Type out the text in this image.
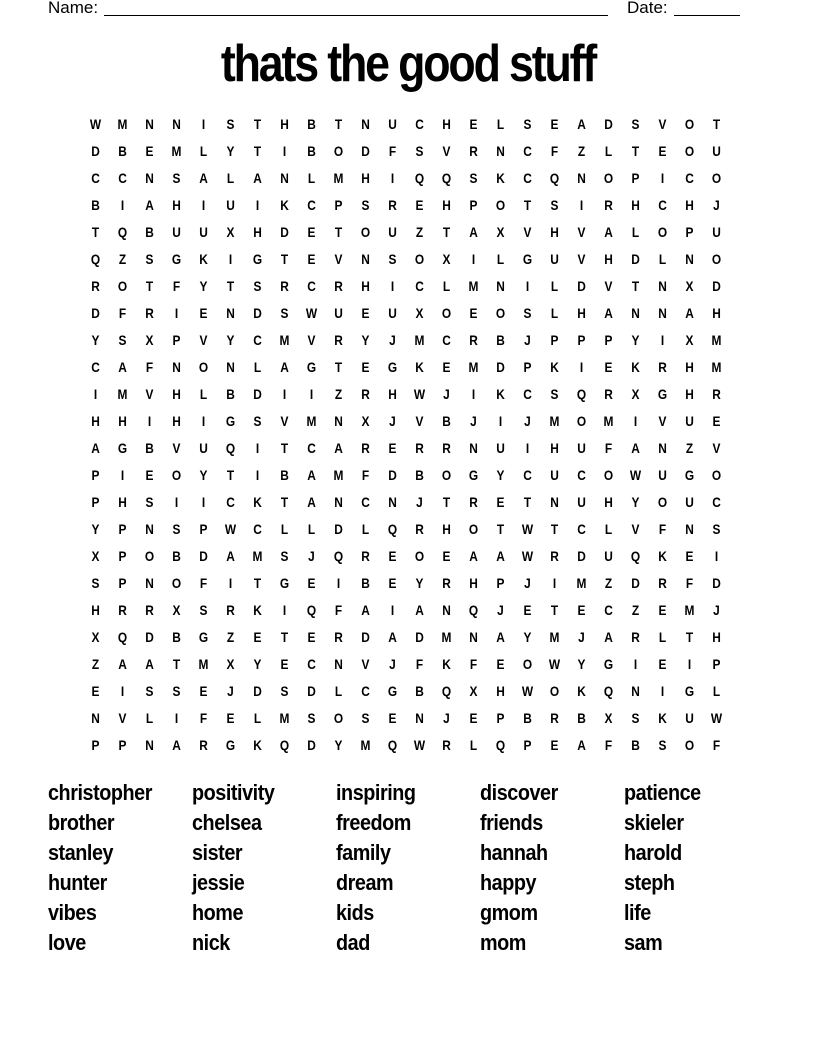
Name:	Date:
thats the good stuff
W	M	N	N	I	S	T	H	B	T	N	U	C	H	E	L	S	E	A	D	S	V	O	T
D	B	E	M	L	Y	T	I	B	O	D	F	S	V	R	N	C	F	Z	L	T	E	O	U
C	C	N	S	A	L	A	N	L	M	H	I	Q	Q	S	K	C	Q	N	O	P	I	C	O
B	I	A	H	I	U	I	K	C	P	S	R	E	H	P	O	T	S	I	R	H	C	H	J
T	Q	B	U	U	X	H	D	E	T	O	U	Z	T	A	X	V	H	V	A	L	O	P	U
Q	Z	S	G	K	I	G	T	E	V	N	S	O	X	I	L	G	U	V	H	D	L	N	O
R	O	T	F	Y	T	S	R	C	R	H	I	C	L	M	N	I	L	D	V	T	N	X	D
D	F	R	I	E	N	D	S	W	U	E	U	X	O	E	O	S	L	H	A	N	N	A	H
Y	S	X	P	V	Y	C	M	V	R	Y	J	M	C	R	B	J	P	P	P	Y	I	X	M
C	A	F	N	O	N	L	A	G	T	E	G	K	E	M	D	P	K	I	E	K	R	H	M
I	M	V	H	L	B	D	I	I	Z	R	H	W	J	I	K	C	S	Q	R	X	G	H	R
H	H	I	H	I	G	S	V	M	N	X	J	V	B	J	I	J	M	O	M	I	V	U	E
A	G	B	V	U	Q	I	T	C	A	R	E	R	R	N	U	I	H	U	F	A	N	Z	V
P	I	E	O	Y	T	I	B	A	M	F	D	B	O	G	Y	C	U	C	O	W	U	G	O
P	H	S	I	I	C	K	T	A	N	C	N	J	T	R	E	T	N	U	H	Y	O	U	C
Y	P	N	S	P	W	C	L	L	D	L	Q	R	H	O	T	W	T	C	L	V	F	N	S
X	P	O	B	D	A	M	S	J	Q	R	E	O	E	A	A	W	R	D	U	Q	K	E	I
S	P	N	O	F	I	T	G	E	I	B	E	Y	R	H	P	J	I	M	Z	D	R	F	D
H	R	R	X	S	R	K	I	Q	F	A	I	A	N	Q	J	E	T	E	C	Z	E	M	J
X	Q	D	B	G	Z	E	T	E	R	D	A	D	M	N	A	Y	M	J	A	R	L	T	H
Z	A	A	T	M	X	Y	E	C	N	V	J	F	K	F	E	O	W	Y	G	I	E	I	P
E	I	S	S	E	J	D	S	D	L	C	G	B	Q	X	H	W	O	K	Q	N	I	G	L
N	V	L	I	F	E	L	M	S	O	S	E	N	J	E	P	B	R	B	X	S	K	U	W
P	P	N	A	R	G	K	Q	D	Y	M	Q	W	R	L	Q	P	E	A	F	B	S	O	F
christopher	positivity	inspiring	discover	patience
brother	chelsea	freedom	friends	skieler
stanley	sister	family	hannah	harold
hunter	jessie	dream	happy	steph
vibes	home	kids	gmom	life
love	nick	dad	mom	sam
